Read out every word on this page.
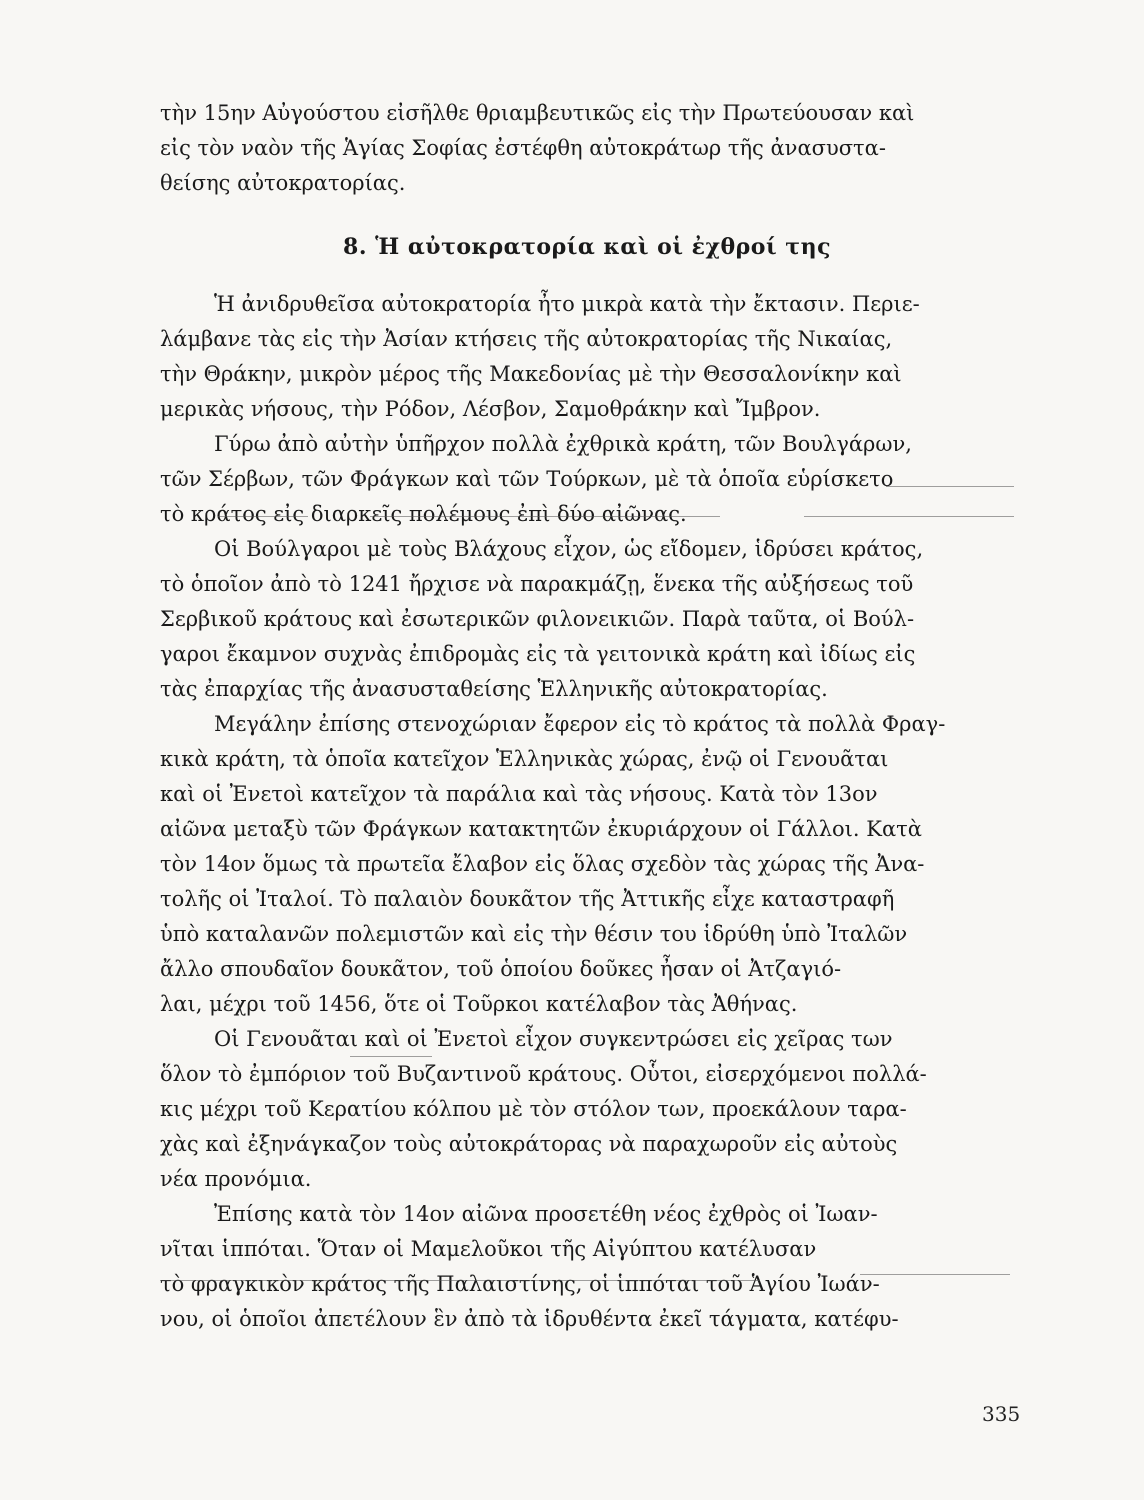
τὴν 15ην Αὐγούστου εἰσῆλθε θριαμβευτικῶς εἰς τὴν Πρωτεύουσαν καὶ
εἰς τὸν ναὸν τῆς Ἁγίας Σοφίας ἐστέφθη αὐτοκράτωρ τῆς ἀνασυστα-
θείσης αὐτοκρατορίας.
8. Ἡ αὐτοκρατορία καὶ οἱ ἐχθροί της
Ἡ ἀνιδρυθεῖσα αὐτοκρατορία ἦτο μικρὰ κατὰ τὴν ἔκτασιν. Περιε-
λάμβανε τὰς εἰς τὴν Ἀσίαν κτήσεις τῆς αὐτοκρατορίας τῆς Νικαίας,
τὴν Θράκην, μικρὸν μέρος τῆς Μακεδονίας μὲ τὴν Θεσσαλονίκην καὶ
μερικὰς νήσους, τὴν Ρόδον, Λέσβον, Σαμοθράκην καὶ Ἴμβρον.
Γύρω ἀπὸ αὐτὴν ὑπῆρχον πολλὰ ἐχθρικὰ κράτη, τῶν Βουλγάρων,
τῶν Σέρβων, τῶν Φράγκων καὶ τῶν Τούρκων, μὲ τὰ ὁποῖα εὑρίσκετο
τὸ κράτος εἰς διαρκεῖς πολέμους ἐπὶ δύο αἰῶνας.
Οἱ Βούλγαροι μὲ τοὺς Βλάχους εἶχον, ὡς εἴδομεν, ἱδρύσει κράτος,
τὸ ὁποῖον ἀπὸ τὸ 1241 ἤρχισε νὰ παρακμάζῃ, ἕνεκα τῆς αὐξήσεως τοῦ
Σερβικοῦ κράτους καὶ ἐσωτερικῶν φιλονεικιῶν. Παρὰ ταῦτα, οἱ Βούλ-
γαροι ἔκαμνον συχνὰς ἐπιδρομὰς εἰς τὰ γειτονικὰ κράτη καὶ ἰδίως εἰς
τὰς ἐπαρχίας τῆς ἀνασυσταθείσης Ἑλληνικῆς αὐτοκρατορίας.
Μεγάλην ἐπίσης στενοχώριαν ἔφερον εἰς τὸ κράτος τὰ πολλὰ Φραγ-
κικὰ κράτη, τὰ ὁποῖα κατεῖχον Ἑλληνικὰς χώρας, ἐνῷ οἱ Γενουᾶται
καὶ οἱ Ἐνετοὶ κατεῖχον τὰ παράλια καὶ τὰς νήσους. Κατὰ τὸν 13ον
αἰῶνα μεταξὺ τῶν Φράγκων κατακτητῶν ἐκυριάρχουν οἱ Γάλλοι. Κατὰ
τὸν 14ον ὅμως τὰ πρωτεῖα ἔλαβον εἰς ὅλας σχεδὸν τὰς χώρας τῆς Ἀνα-
τολῆς οἱ Ἰταλοί. Τὸ παλαιὸν δουκᾶτον τῆς Ἀττικῆς εἶχε καταστραφῆ
ὑπὸ καταλανῶν πολεμιστῶν καὶ εἰς τὴν θέσιν του ἱδρύθη ὑπὸ Ἰταλῶν
ἄλλο σπουδαῖον δουκᾶτον, τοῦ ὁποίου δοῦκες ἦσαν οἱ Ἀτζαγιό-
λαι, μέχρι τοῦ 1456, ὅτε οἱ Τοῦρκοι κατέλαβον τὰς Ἀθήνας.
Οἱ Γενουᾶται καὶ οἱ Ἐνετοὶ εἶχον συγκεντρώσει εἰς χεῖρας των
ὅλον τὸ ἐμπόριον τοῦ Βυζαντινοῦ κράτους. Οὗτοι, εἰσερχόμενοι πολλά-
κις μέχρι τοῦ Κερατίου κόλπου μὲ τὸν στόλον των, προεκάλουν ταρα-
χὰς καὶ ἐξηνάγκαζον τοὺς αὐτοκράτορας νὰ παραχωροῦν εἰς αὐτοὺς
νέα προνόμια.
Ἐπίσης κατὰ τὸν 14ον αἰῶνα προσετέθη νέος ἐχθρὸς οἱ Ἰωαν-
νῖται ἱππόται. Ὅταν οἱ Μαμελοῦκοι τῆς Αἰγύπτου κατέλυσαν
τὸ φραγκικὸν κράτος τῆς Παλαιστίνης, οἱ ἱππόται τοῦ Ἁγίου Ἰωάν-
νου, οἱ ὁποῖοι ἀπετέλουν ἓν ἀπὸ τὰ ἱδρυθέντα ἐκεῖ τάγματα, κατέφυ-
335
